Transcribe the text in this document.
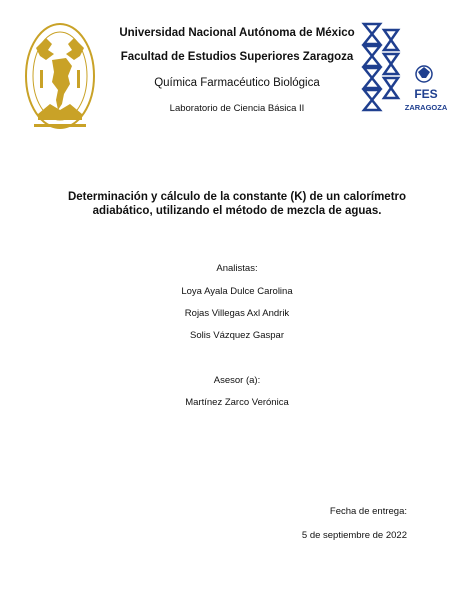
FES
ZARAGOZA
Universidad Nacional Autónoma de México
Facultad de Estudios Superiores Zaragoza
Química Farmacéutico Biológica
Laboratorio de Ciencia Básica II
Determinación y cálculo de la constante (K) de un calorímetro adiabático, utilizando el método de mezcla de aguas.
Analistas:
Loya Ayala Dulce Carolina
Rojas Villegas Axl Andrik
Solis Vázquez Gaspar
Asesor (a):
Martínez Zarco Verónica
Fecha de entrega:
5 de septiembre de 2022
